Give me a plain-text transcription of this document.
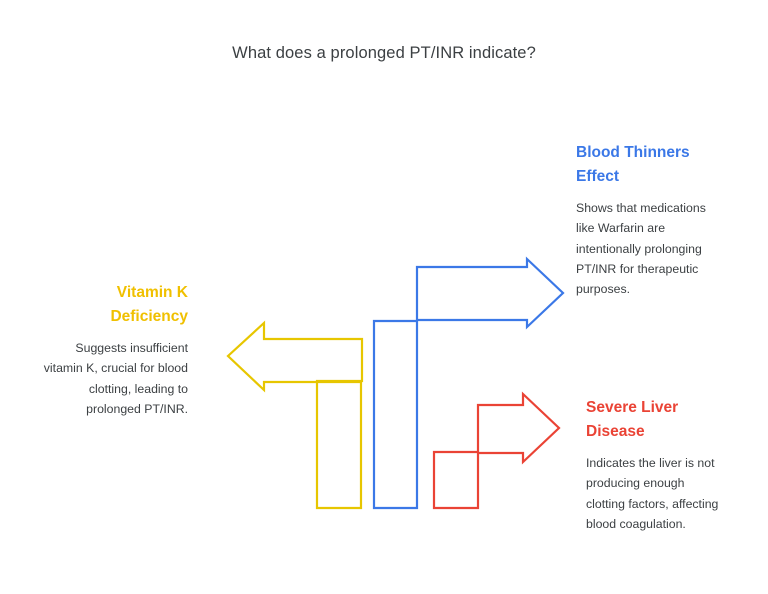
What does a prolonged PT/INR indicate?
Vitamin K Deficiency
Suggests insufficient vitamin K, crucial for blood clotting, leading to prolonged PT/INR.
Blood Thinners Effect
Shows that medications like Warfarin are intentionally prolonging PT/INR for therapeutic purposes.
Severe Liver Disease
Indicates the liver is not producing enough clotting factors, affecting blood coagulation.
